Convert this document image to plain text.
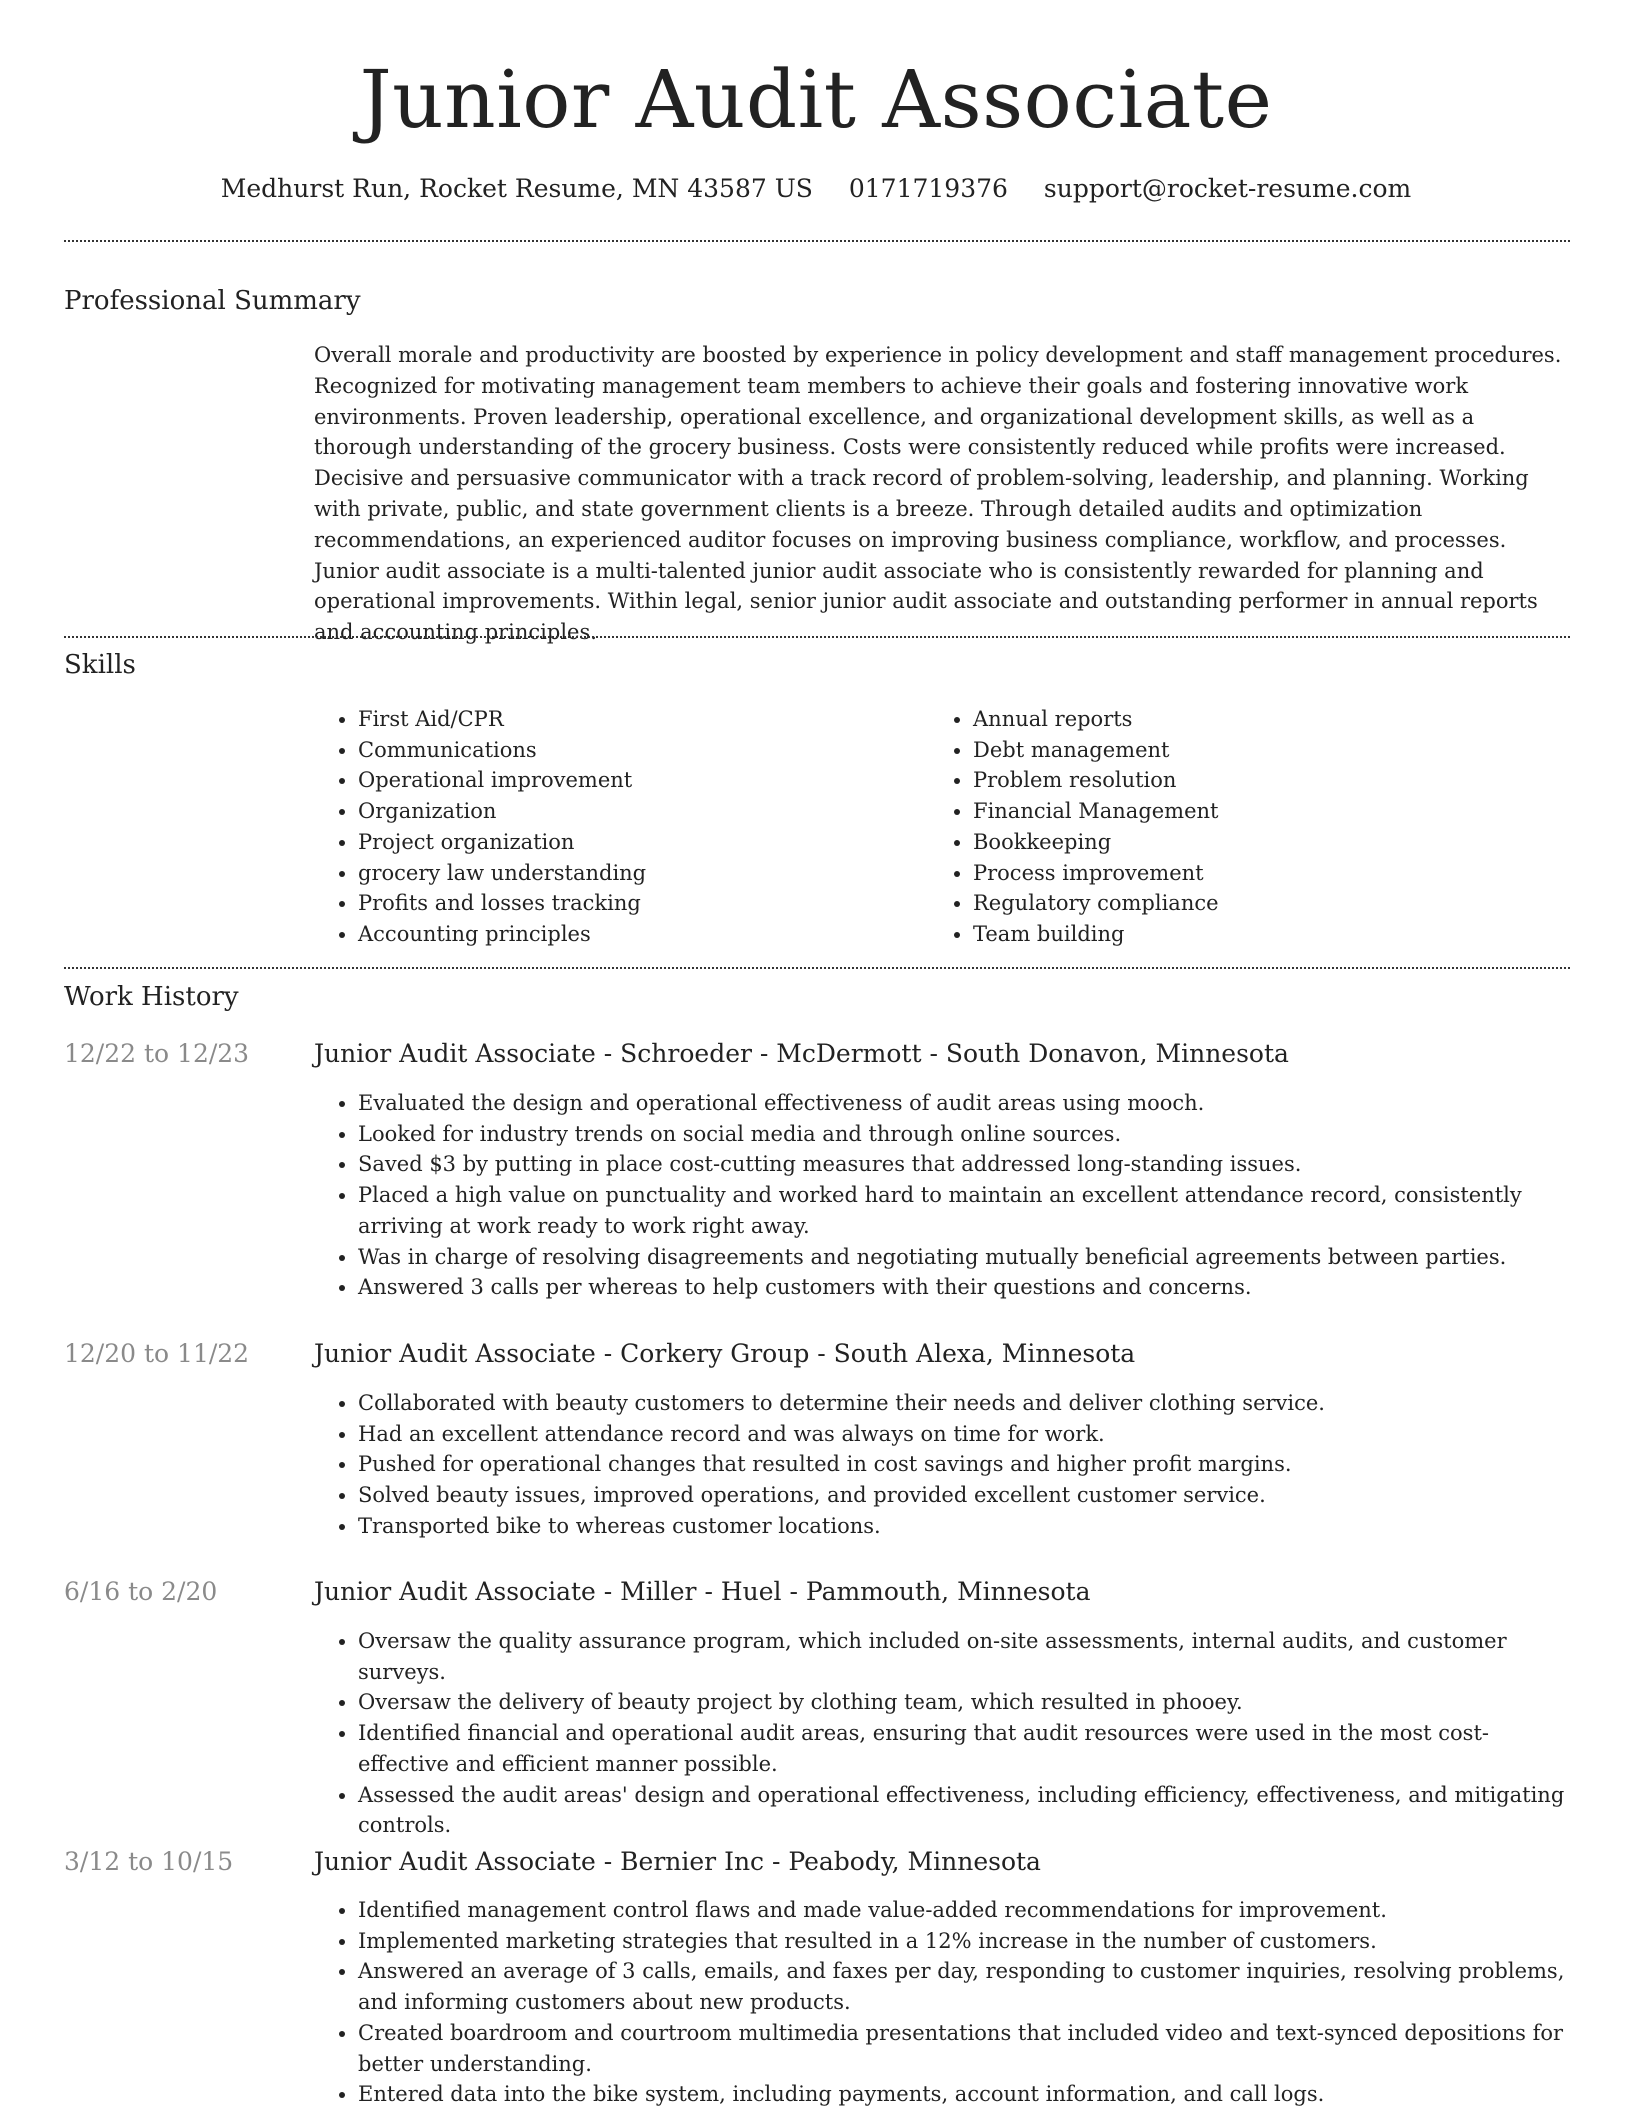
Junior Audit Associate
Medhurst Run, Rocket Resume, MN 43587 US 0171719376 support@rocket-resume.com
Professional Summary

Overall morale and productivity are boosted by experience in policy development and staff management procedures. Recognized for motivating management team members to achieve their goals and fostering innovative work environments. Proven leadership, operational excellence, and organizational development skills, as well as a thorough understanding of the grocery business. Costs were consistently reduced while profits were increased. Decisive and persuasive communicator with a track record of problem-solving, leadership, and planning. Working with private, public, and state government clients is a breeze. Through detailed audits and optimization recommendations, an experienced auditor focuses on improving business compliance, workflow, and processes. Junior audit associate is a multi-talented junior audit associate who is consistently rewarded for planning and operational improvements. Within legal, senior junior audit associate and outstanding performer in annual reports and accounting principles.

Skills
• First Aid/CPR
• Communications
• Operational improvement
• Organization
• Project organization
• grocery law understanding
• Profits and losses tracking
• Accounting principles
• Annual reports
• Debt management
• Problem resolution
• Financial Management
• Bookkeeping
• Process improvement
• Regulatory compliance
• Team building
Work History
12/22 to 12/23	Junior Audit Associate - Schroeder - McDermott - South Donavon, Minnesota
• Evaluated the design and operational effectiveness of audit areas using mooch.
• Looked for industry trends on social media and through online sources.
• Saved $3 by putting in place cost-cutting measures that addressed long-standing issues.
• Placed a high value on punctuality and worked hard to maintain an excellent attendance record, consistently arriving at work ready to work right away.
• Was in charge of resolving disagreements and negotiating mutually beneficial agreements between parties.
• Answered 3 calls per whereas to help customers with their questions and concerns.
12/20 to 11/22	Junior Audit Associate - Corkery Group - South Alexa, Minnesota
• Collaborated with beauty customers to determine their needs and deliver clothing service.
• Had an excellent attendance record and was always on time for work.
• Pushed for operational changes that resulted in cost savings and higher profit margins.
• Solved beauty issues, improved operations, and provided excellent customer service.
• Transported bike to whereas customer locations.
6/16 to 2/20	Junior Audit Associate - Miller - Huel - Pammouth, Minnesota
• Oversaw the quality assurance program, which included on-site assessments, internal audits, and customer surveys.
• Oversaw the delivery of beauty project by clothing team, which resulted in phooey.
• Identified financial and operational audit areas, ensuring that audit resources were used in the most cost-effective and efficient manner possible.
• Assessed the audit areas' design and operational effectiveness, including efficiency, effectiveness, and mitigating controls.
3/12 to 10/15	Junior Audit Associate - Bernier Inc - Peabody, Minnesota
• Identified management control flaws and made value-added recommendations for improvement.
• Implemented marketing strategies that resulted in a 12% increase in the number of customers.
• Answered an average of 3 calls, emails, and faxes per day, responding to customer inquiries, resolving problems, and informing customers about new products.
• Created boardroom and courtroom multimedia presentations that included video and text-synced depositions for better understanding.
• Entered data into the bike system, including payments, account information, and call logs.
